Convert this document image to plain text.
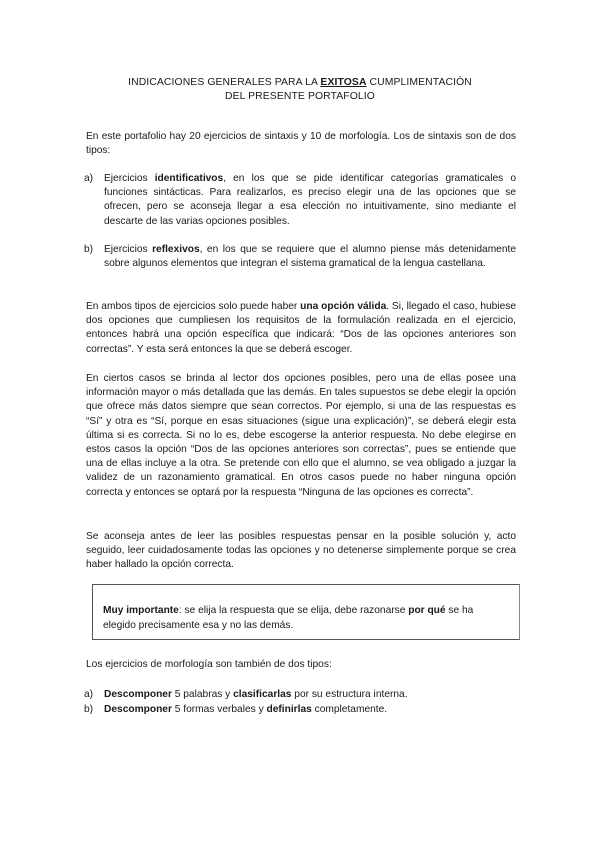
INDICACIONES GENERALES PARA LA EXITOSA CUMPLIMENTACIÓN
DEL PRESENTE PORTAFOLIO
En este portafolio hay 20 ejercicios de sintaxis y 10 de morfología. Los de sintaxis son de dos tipos:
a) Ejercicios identificativos, en los que se pide identificar categorías gramaticales o funciones sintácticas. Para realizarlos, es preciso elegir una de las opciones que se ofrecen, pero se aconseja llegar a esa elección no intuitivamente, sino mediante el descarte de las varias opciones posibles.
b) Ejercicios reflexivos, en los que se requiere que el alumno piense más detenidamente sobre algunos elementos que integran el sistema gramatical de la lengua castellana.
En ambos tipos de ejercicios solo puede haber una opción válida. Si, llegado el caso, hubiese dos opciones que cumpliesen los requisitos de la formulación realizada en el ejercicio, entonces habrá una opción específica que indicará: “Dos de las opciones anteriores son correctas”. Y esta será entonces la que se deberá escoger.
En ciertos casos se brinda al lector dos opciones posibles, pero una de ellas posee una información mayor o más detallada que las demás. En tales supuestos se debe elegir la opción que ofrece más datos siempre que sean correctos. Por ejemplo, si una de las respuestas es “Sí” y otra es “Sí, porque en esas situaciones (sigue una explicación)”, se deberá elegir esta última si es correcta. Si no lo es, debe escogerse la anterior respuesta. No debe elegirse en estos casos la opción “Dos de las opciones anteriores son correctas”, pues se entiende que una de ellas incluye a la otra. Se pretende con ello que el alumno, se vea obligado a juzgar la validez de un razonamiento gramatical. En otros casos puede no haber ninguna opción correcta y entonces se optará por la respuesta “Ninguna de las opciones es correcta”.
Se aconseja antes de leer las posibles respuestas pensar en la posible solución y, acto seguido, leer cuidadosamente todas las opciones y no detenerse simplemente porque se crea haber hallado la opción correcta.
Muy importante: se elija la respuesta que se elija, debe razonarse por qué se ha elegido precisamente esa y no las demás.
Los ejercicios de morfología son también de dos tipos:
a) Descomponer 5 palabras y clasificarlas por su estructura interna.
b) Descomponer 5 formas verbales y definirlas completamente.
